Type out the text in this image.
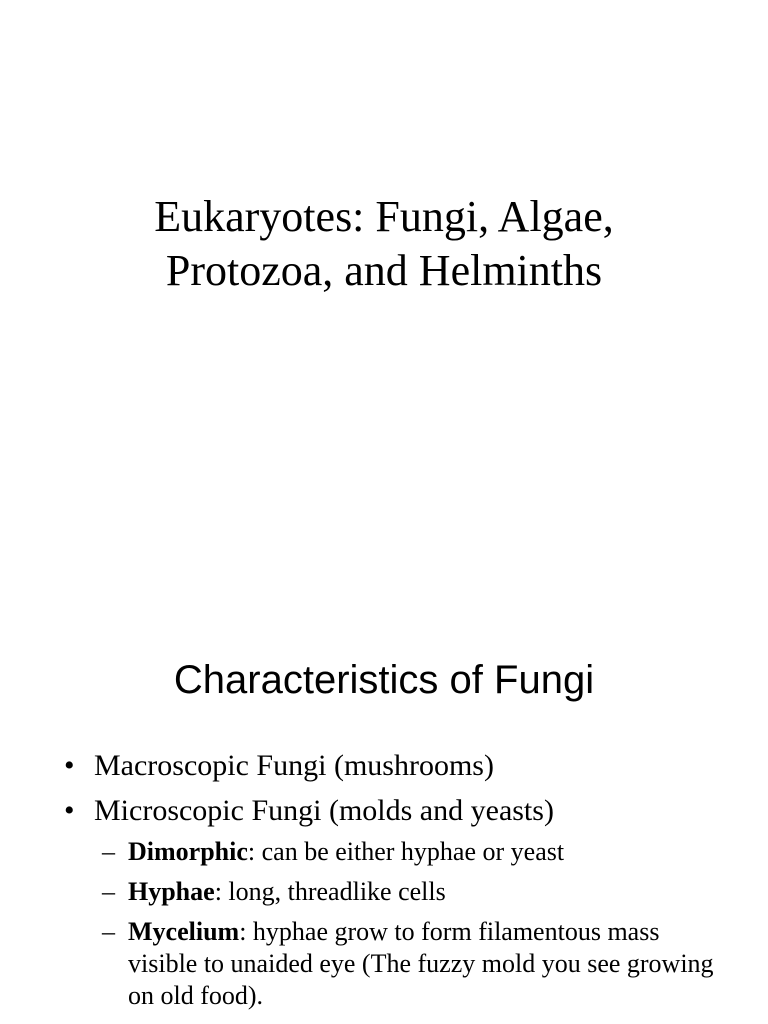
Eukaryotes: Fungi, Algae,
Protozoa, and Helminths
Characteristics of Fungi
• Macroscopic Fungi (mushrooms)
• Microscopic Fungi (molds and yeasts)
– Dimorphic: can be either hyphae or yeast
– Hyphae: long, threadlike cells
– Mycelium: hyphae grow to form filamentous mass visible to unaided eye (The fuzzy mold you see growing on old food).
